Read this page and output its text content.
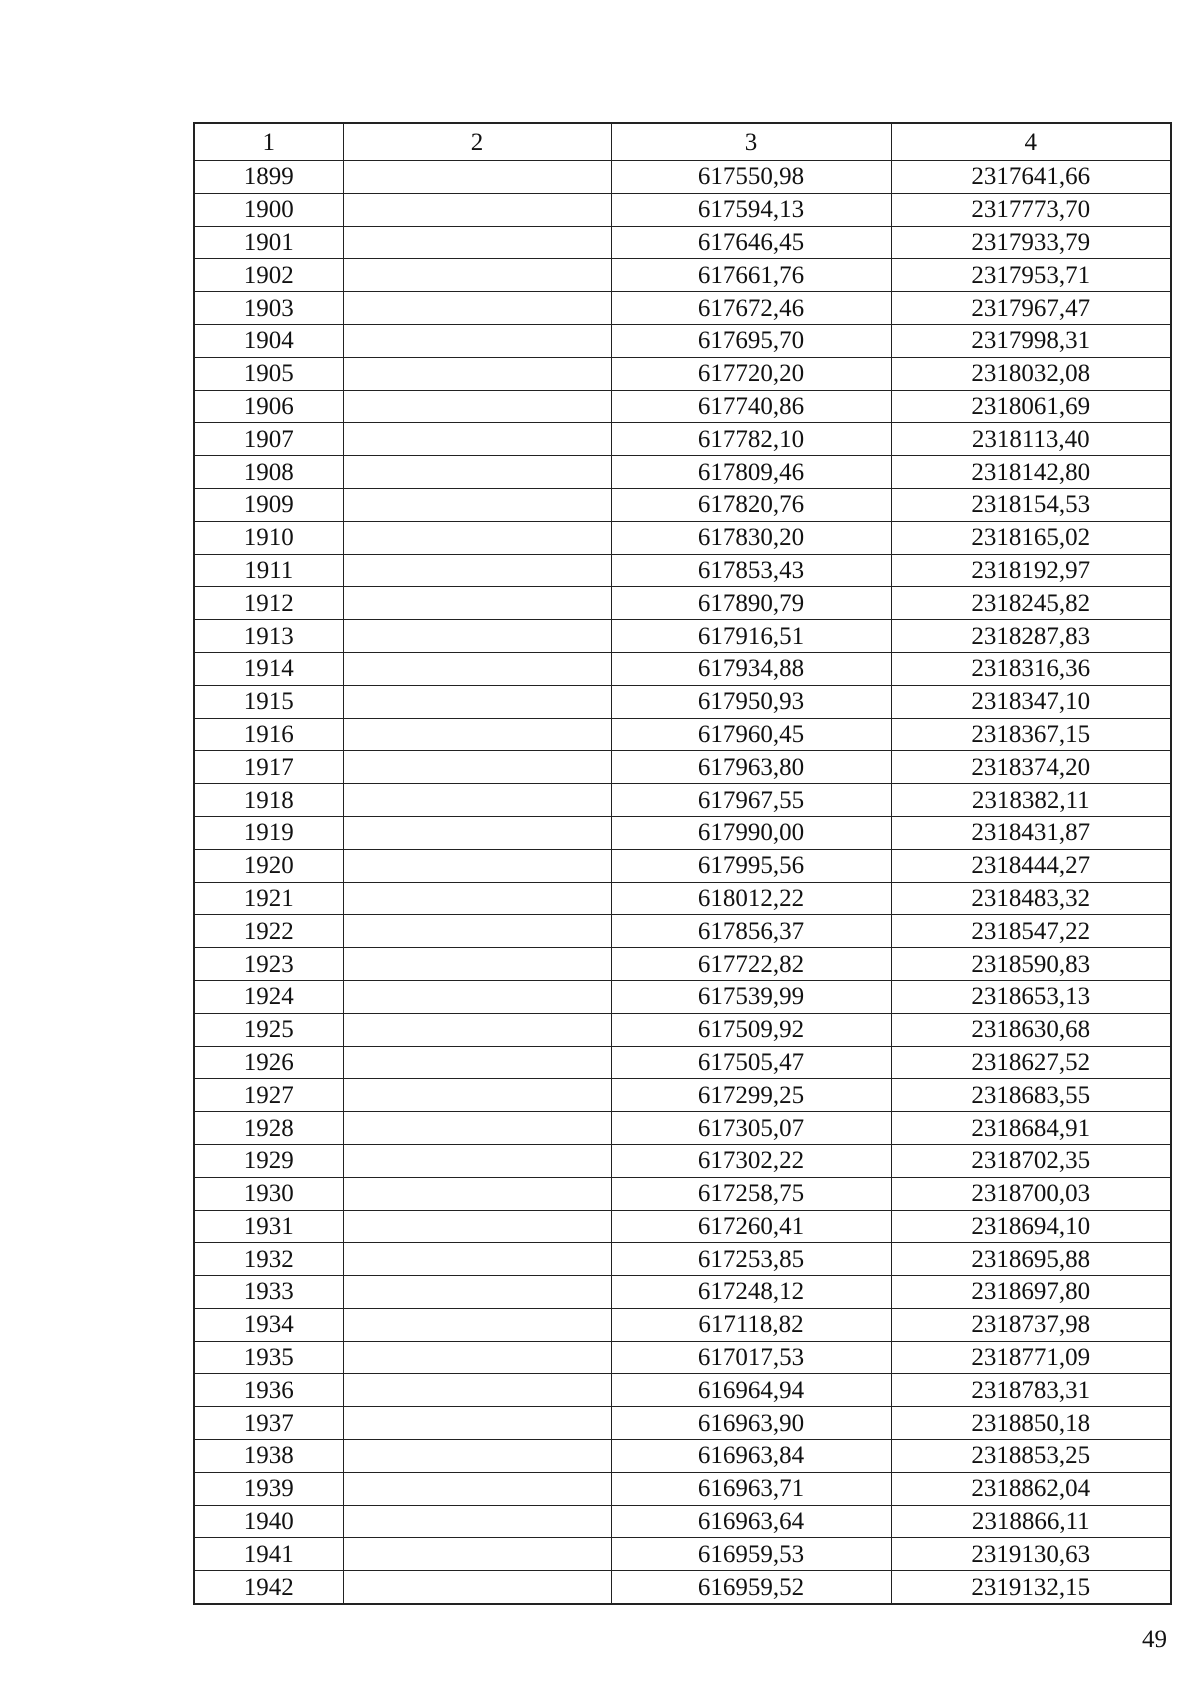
1	2	3	4
1899		617550,98	2317641,66
1900		617594,13	2317773,70
1901		617646,45	2317933,79
1902		617661,76	2317953,71
1903		617672,46	2317967,47
1904		617695,70	2317998,31
1905		617720,20	2318032,08
1906		617740,86	2318061,69
1907		617782,10	2318113,40
1908		617809,46	2318142,80
1909		617820,76	2318154,53
1910		617830,20	2318165,02
1911		617853,43	2318192,97
1912		617890,79	2318245,82
1913		617916,51	2318287,83
1914		617934,88	2318316,36
1915		617950,93	2318347,10
1916		617960,45	2318367,15
1917		617963,80	2318374,20
1918		617967,55	2318382,11
1919		617990,00	2318431,87
1920		617995,56	2318444,27
1921		618012,22	2318483,32
1922		617856,37	2318547,22
1923		617722,82	2318590,83
1924		617539,99	2318653,13
1925		617509,92	2318630,68
1926		617505,47	2318627,52
1927		617299,25	2318683,55
1928		617305,07	2318684,91
1929		617302,22	2318702,35
1930		617258,75	2318700,03
1931		617260,41	2318694,10
1932		617253,85	2318695,88
1933		617248,12	2318697,80
1934		617118,82	2318737,98
1935		617017,53	2318771,09
1936		616964,94	2318783,31
1937		616963,90	2318850,18
1938		616963,84	2318853,25
1939		616963,71	2318862,04
1940		616963,64	2318866,11
1941		616959,53	2319130,63
1942		616959,52	2319132,15
49
